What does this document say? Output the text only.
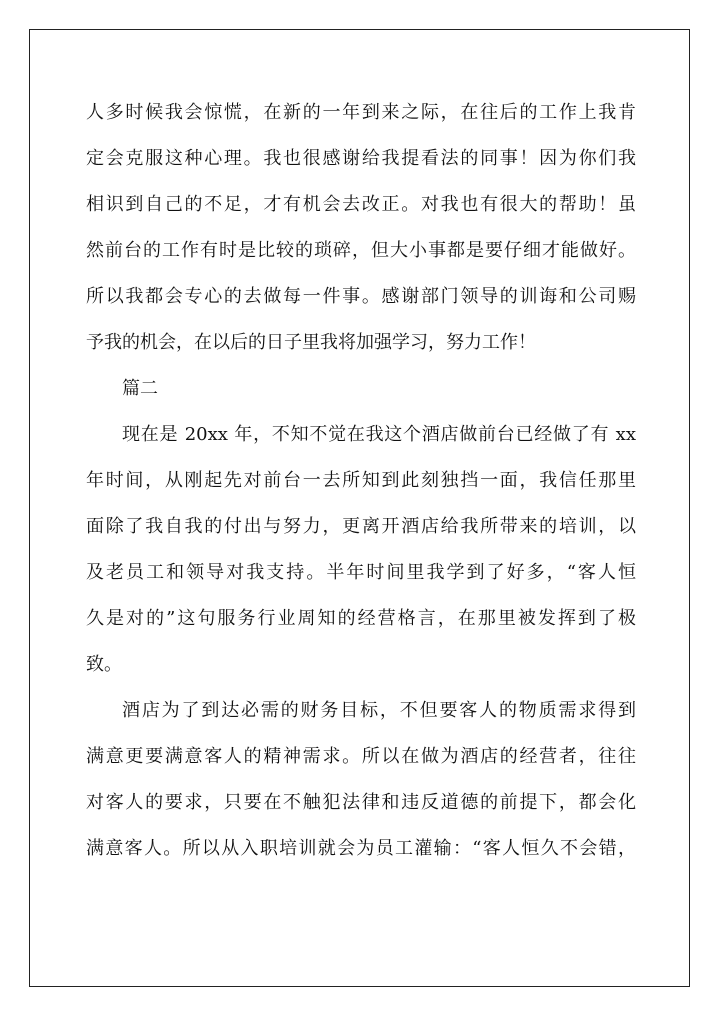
人多时候我会惊慌，在新的一年到来之际，在往后的工作上我肯
定会克服这种心理。我也很感谢给我提看法的同事！因为你们我
相识到自己的不足，才有机会去改正。对我也有很大的帮助！虽
然前台的工作有时是比较的琐碎，但大小事都是要仔细才能做好。
所以我都会专心的去做每一件事。感谢部门领导的训诲和公司赐
予我的机会，在以后的日子里我将加强学习，努力工作！
篇二
现在是 20xx 年，不知不觉在我这个酒店做前台已经做了有 xx
年时间，从刚起先对前台一去所知到此刻独挡一面，我信任那里
面除了我自我的付出与努力，更离开酒店给我所带来的培训，以
及老员工和领导对我支持。半年时间里我学到了好多，“客人恒
久是对的”这句服务行业周知的经营格言，在那里被发挥到了极
致。
酒店为了到达必需的财务目标，不但要客人的物质需求得到
满意更要满意客人的精神需求。所以在做为酒店的经营者，往往
对客人的要求，只要在不触犯法律和违反道德的前提下，都会化
满意客人。所以从入职培训就会为员工灌输：“客人恒久不会错，
